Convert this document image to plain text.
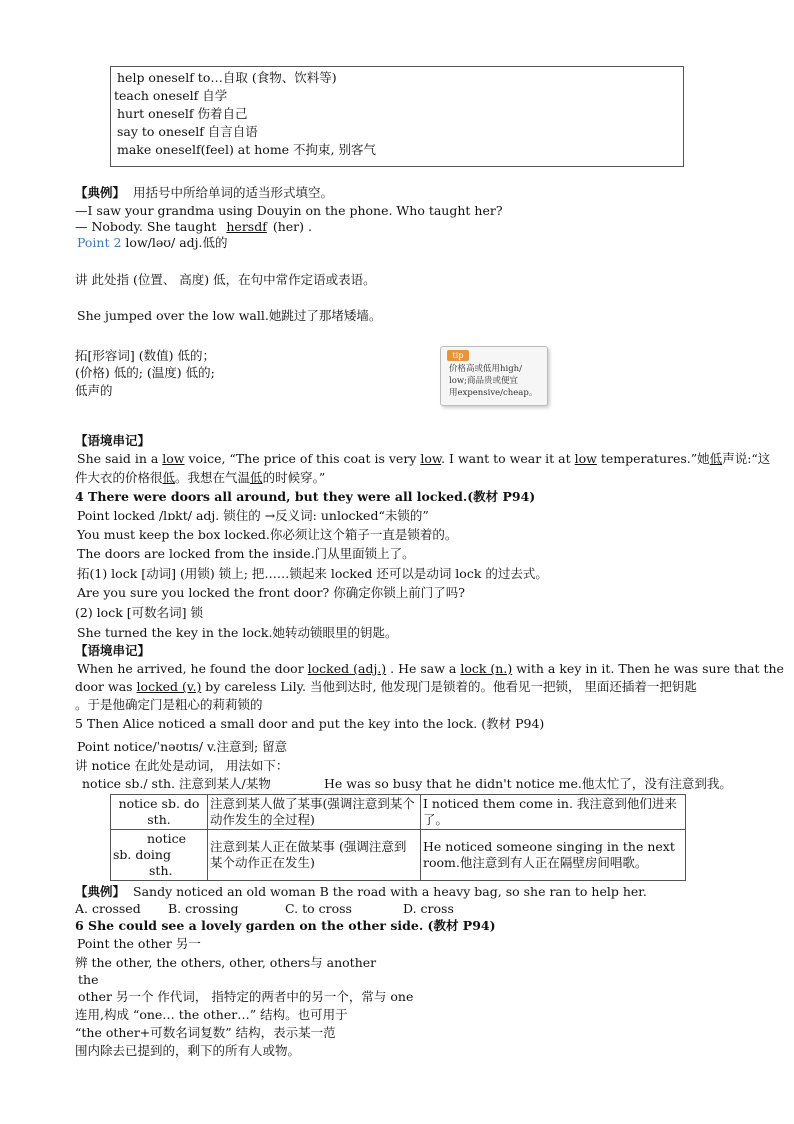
help oneself to…自取 (食物、饮料等)
teach oneself 自学
hurt oneself 伤着自己
say to oneself 自言自语
make oneself(feel) at home 不拘束, 别客气
【典例】 用括号中所给单词的适当形式填空。
—I saw your grandma using Douyin on the phone. Who taught her?
— Nobody. She taught hersdf (her) .
Point 2 low/ləʊ/ adj.低的
讲 此处指 (位置、 高度) 低，在句中常作定语或表语。
She jumped over the low wall.她跳过了那堵矮墙。
拓[形容词] (数值) 低的；
(价格) 低的; (温度) 低的;
低声的
tip
价格高或低用high/
low;商品贵或便宜
用expensive/cheap。
【语境串记】
She said in a low voice, “The price of this coat is very low. I want to wear it at low temperatures.”她低声说:“这
件大衣的价格很低。我想在气温低的时候穿。”
4 There were doors all around, but they were all locked.(教材 P94)
Point locked /lɒkt/ adj. 锁住的 →反义词: unlocked“未锁的”
You must keep the box locked.你必须让这个箱子一直是锁着的。
The doors are locked from the inside.门从里面锁上了。
拓(1) lock [动词] (用锁) 锁上; 把……锁起来 locked 还可以是动词 lock 的过去式。
Are you sure you locked the front door? 你确定你锁上前门了吗?
(2) lock [可数名词] 锁
She turned the key in the lock.她转动锁眼里的钥匙。
【语境串记】
When he arrived, he found the door locked (adj.) . He saw a lock (n.) with a key in it. Then he was sure that the
door was locked (v.) by careless Lily. 当他到达时, 他发现门是锁着的。他看见一把锁， 里面还插着一把钥匙
。于是他确定门是粗心的莉莉锁的
5 Then Alice noticed a small door and put the key into the lock. (教材 P94)
Point notice/ˈnəʊtɪs/ v.注意到; 留意
讲 notice 在此处是动词， 用法如下：
notice sb./ sth. 注意到某人/某物	He was so busy that he didn't notice me.他太忙了，没有注意到我。
notice sb. do
sth.	注意到某人做了某事(强调注意到某个动作发生的全过程)	I noticed them come in. 我注意到他们进来了。

notice
sb. doing
sth.	注意到某人正在做某事 (强调注意到某个动作正在发生)	He noticed someone singing in the next room.他注意到有人正在隔壁房间唱歌。
【典例】 Sandy noticed an old woman B the road with a heavy bag, so she ran to help her.
A. crossed B. crossing	C. to cross	D. cross
6 She could see a lovely garden on the other side. (教材 P94)
Point the other 另一
辨 the other, the others, other, others与 another
the
other 另一个 作代词， 指特定的两者中的另一个，常与 one
连用,构成 “one… the other…” 结构。也可用于
“the other+可数名词复数” 结构，表示某一范
围内除去已提到的，剩下的所有人或物。
